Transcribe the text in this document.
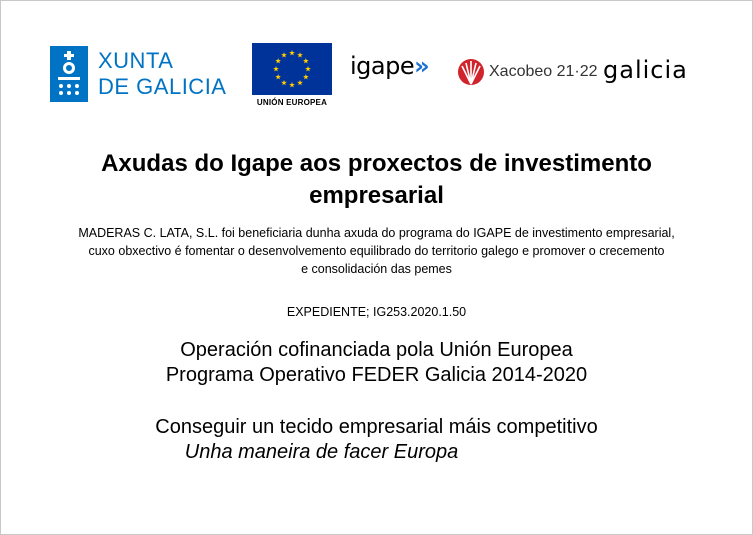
XUNTA
DE GALICIA
UNIÓN EUROPEA
igape»	Xacobeo 21·22 galicia
Axudas do Igape aos proxectos de investimento
empresarial
MADERAS C. LATA, S.L. foi beneficiaria dunha axuda do programa do IGAPE de investimento empresarial,
cuxo obxectivo é fomentar o desenvolvemento equilibrado do territorio galego e promover o crecemento
e consolidación das pemes
EXPEDIENTE; IG253.2020.1.50
Operación cofinanciada pola Unión Europea
Programa Operativo FEDER Galicia 2014-2020
Conseguir un tecido empresarial máis competitivo
Unha maneira de facer Europa
